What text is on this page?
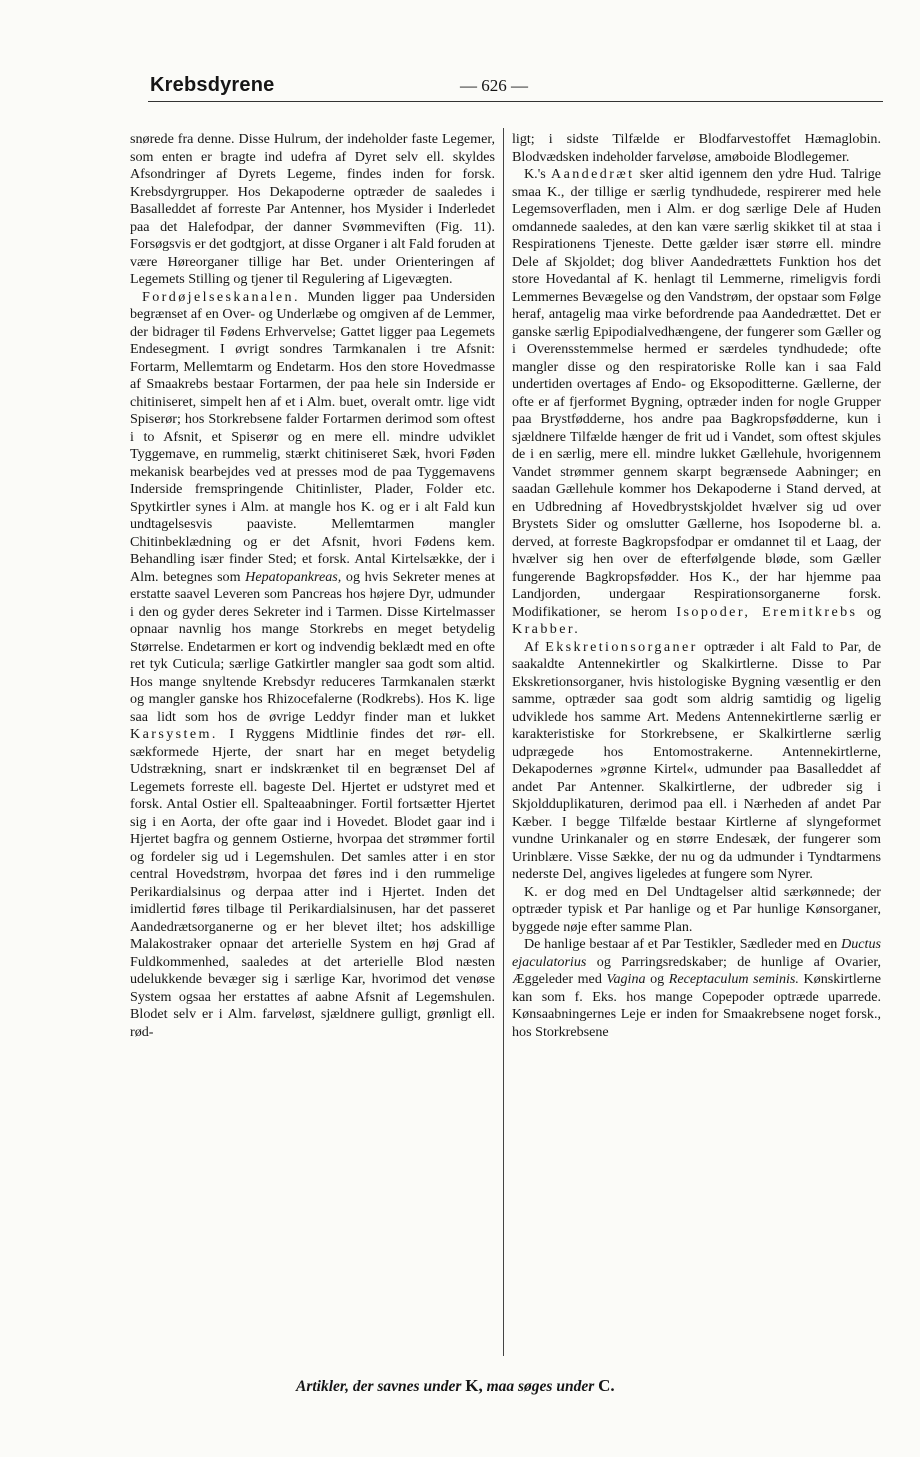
Krebsdyrene	— 626 —

snørede fra denne. Disse Hulrum, der indeholder faste Legemer, som enten er bragte ind udefra af Dyret selv ell. skyldes Afsondringer af Dyrets Legeme, findes inden for forsk. Krebsdyrgrupper. Hos Dekapoderne optræder de saaledes i Basalleddet af forreste Par Antenner, hos Mysider i Inderledet paa det Halefodpar, der danner Svømmeviften (Fig. 11). Forsøgsvis er det godtgjort, at disse Organer i alt Fald foruden at være Høreorganer tillige har Bet. under Orienteringen af Legemets Stilling og tjener til Regulering af Ligevægten.

Fordøjelseskanalen. Munden ligger paa Undersiden begrænset af en Over- og Underlæbe og omgiven af de Lemmer, der bidrager til Fødens Erhvervelse; Gattet ligger paa Legemets Endesegment. I øvrigt sondres Tarmkanalen i tre Afsnit: Fortarm, Mellemtarm og Endetarm. Hos den store Hovedmasse af Smaakrebs bestaar Fortarmen, der paa hele sin Inderside er chitiniseret, simpelt hen af et i Alm. buet, overalt omtr. lige vidt Spiserør; hos Storkrebsene falder Fortarmen derimod som oftest i to Afsnit, et Spiserør og en mere ell. mindre udviklet Tyggemave, en rummelig, stærkt chitiniseret Sæk, hvori Føden mekanisk bearbejdes ved at presses mod de paa Tyggemavens Inderside fremspringende Chitinlister, Plader, Folder etc. Spytkirtler synes i Alm. at mangle hos K. og er i alt Fald kun undtagelsesvis paaviste. Mellemtarmen mangler Chitinbeklædning og er det Afsnit, hvori Fødens kem. Behandling især finder Sted; et forsk. Antal Kirtelsække, der i Alm. betegnes som Hepatopankreas, og hvis Sekreter menes at erstatte saavel Leveren som Pancreas hos højere Dyr, udmunder i den og gyder deres Sekreter ind i Tarmen. Disse Kirtelmasser opnaar navnlig hos mange Storkrebs en meget betydelig Størrelse. Endetarmen er kort og indvendig beklædt med en ofte ret tyk Cuticula; særlige Gatkirtler mangler saa godt som altid. Hos mange snyltende Krebsdyr reduceres Tarmkanalen stærkt og mangler ganske hos Rhizocefalerne (Rodkrebs). Hos K. lige saa lidt som hos de øvrige Leddyr finder man et lukket Karsystem. I Ryggens Midtlinie findes det rør- ell. sækformede Hjerte, der snart har en meget betydelig Udstrækning, snart er indskrænket til en begrænset Del af Legemets forreste ell. bageste Del. Hjertet er udstyret med et forsk. Antal Ostier ell. Spalteaabninger. Fortil fortsætter Hjertet sig i en Aorta, der ofte gaar ind i Hovedet. Blodet gaar ind i Hjertet bagfra og gennem Ostierne, hvorpaa det strømmer fortil og fordeler sig ud i Legemshulen. Det samles atter i en stor central Hovedstrøm, hvorpaa det føres ind i den rummelige Perikardialsinus og derpaa atter ind i Hjertet. Inden det imidlertid føres tilbage til Perikardialsinusen, har det passeret Aandedrætsorganerne og er her blevet iltet; hos adskillige Malakostraker opnaar det arterielle System en høj Grad af Fuldkommenhed, saaledes at det arterielle Blod næsten udelukkende bevæger sig i særlige Kar, hvorimod det venøse System ogsaa her erstattes af aabne Afsnit af Legemshulen. Blodet selv er i Alm. farveløst, sjældnere gulligt, grønligt ell. rød-

ligt; i sidste Tilfælde er Blodfarvestoffet Hæmaglobin. Blodvædsken indeholder farveløse, amøboide Blodlegemer.

K.'s Aandedræt sker altid igennem den ydre Hud. Talrige smaa K., der tillige er særlig tyndhudede, respirerer med hele Legemsoverfladen, men i Alm. er dog særlige Dele af Huden omdannede saaledes, at den kan være særlig skikket til at staa i Respirationens Tjeneste. Dette gælder især større ell. mindre Dele af Skjoldet; dog bliver Aandedrættets Funktion hos det store Hovedantal af K. henlagt til Lemmerne, rimeligvis fordi Lemmernes Bevægelse og den Vandstrøm, der opstaar som Følge heraf, antagelig maa virke befordrende paa Aandedrættet. Det er ganske særlig Epipodialvedhængene, der fungerer som Gæller og i Overensstemmelse hermed er særdeles tyndhudede; ofte mangler disse og den respiratoriske Rolle kan i saa Fald undertiden overtages af Endo- og Eksopoditterne. Gællerne, der ofte er af fjerformet Bygning, optræder inden for nogle Grupper paa Brystfødderne, hos andre paa Bagkropsfødderne, kun i sjældnere Tilfælde hænger de frit ud i Vandet, som oftest skjules de i en særlig, mere ell. mindre lukket Gællehule, hvorigennem Vandet strømmer gennem skarpt begrænsede Aabninger; en saadan Gællehule kommer hos Dekapoderne i Stand derved, at en Udbredning af Hovedbrystskjoldet hvælver sig ud over Brystets Sider og omslutter Gællerne, hos Isopoderne bl. a. derved, at forreste Bagkropsfodpar er omdannet til et Laag, der hvælver sig hen over de efterfølgende bløde, som Gæller fungerende Bagkropsfødder. Hos K., der har hjemme paa Landjorden, undergaar Respirationsorganerne forsk. Modifikationer, se herom Isopoder, Eremitkrebs og Krabber.

Af Ekskretionsorganer optræder i alt Fald to Par, de saakaldte Antennekirtler og Skalkirtlerne. Disse to Par Ekskretionsorganer, hvis histologiske Bygning væsentlig er den samme, optræder saa godt som aldrig samtidig og ligelig udviklede hos samme Art. Medens Antennekirtlerne særlig er karakteristiske for Storkrebsene, er Skalkirtlerne særlig udprægede hos Entomostrakerne. Antennekirtlerne, Dekapodernes »grønne Kirtel«, udmunder paa Basalleddet af andet Par Antenner. Skalkirtlerne, der udbreder sig i Skjoldduplikaturen, derimod paa ell. i Nærheden af andet Par Kæber. I begge Tilfælde bestaar Kirtlerne af slyngeformet vundne Urinkanaler og en større Endesæk, der fungerer som Urinblære. Visse Sække, der nu og da udmunder i Tyndtarmens nederste Del, angives ligeledes at fungere som Nyrer.

K. er dog med en Del Undtagelser altid særkønnede; der optræder typisk et Par hanlige og et Par hunlige Kønsorganer, byggede nøje efter samme Plan.

De hanlige bestaar af et Par Testikler, Sædleder med en Ductus ejaculatorius og Parringsredskaber; de hunlige af Ovarier, Æggeleder med Vagina og Receptaculum seminis. Kønskirtlerne kan som f. Eks. hos mange Copepoder optræde uparrede. Kønsaabningernes Leje er inden for Smaakrebsene noget forsk., hos Storkrebsene

Artikler, der savnes under K, maa søges under C.
